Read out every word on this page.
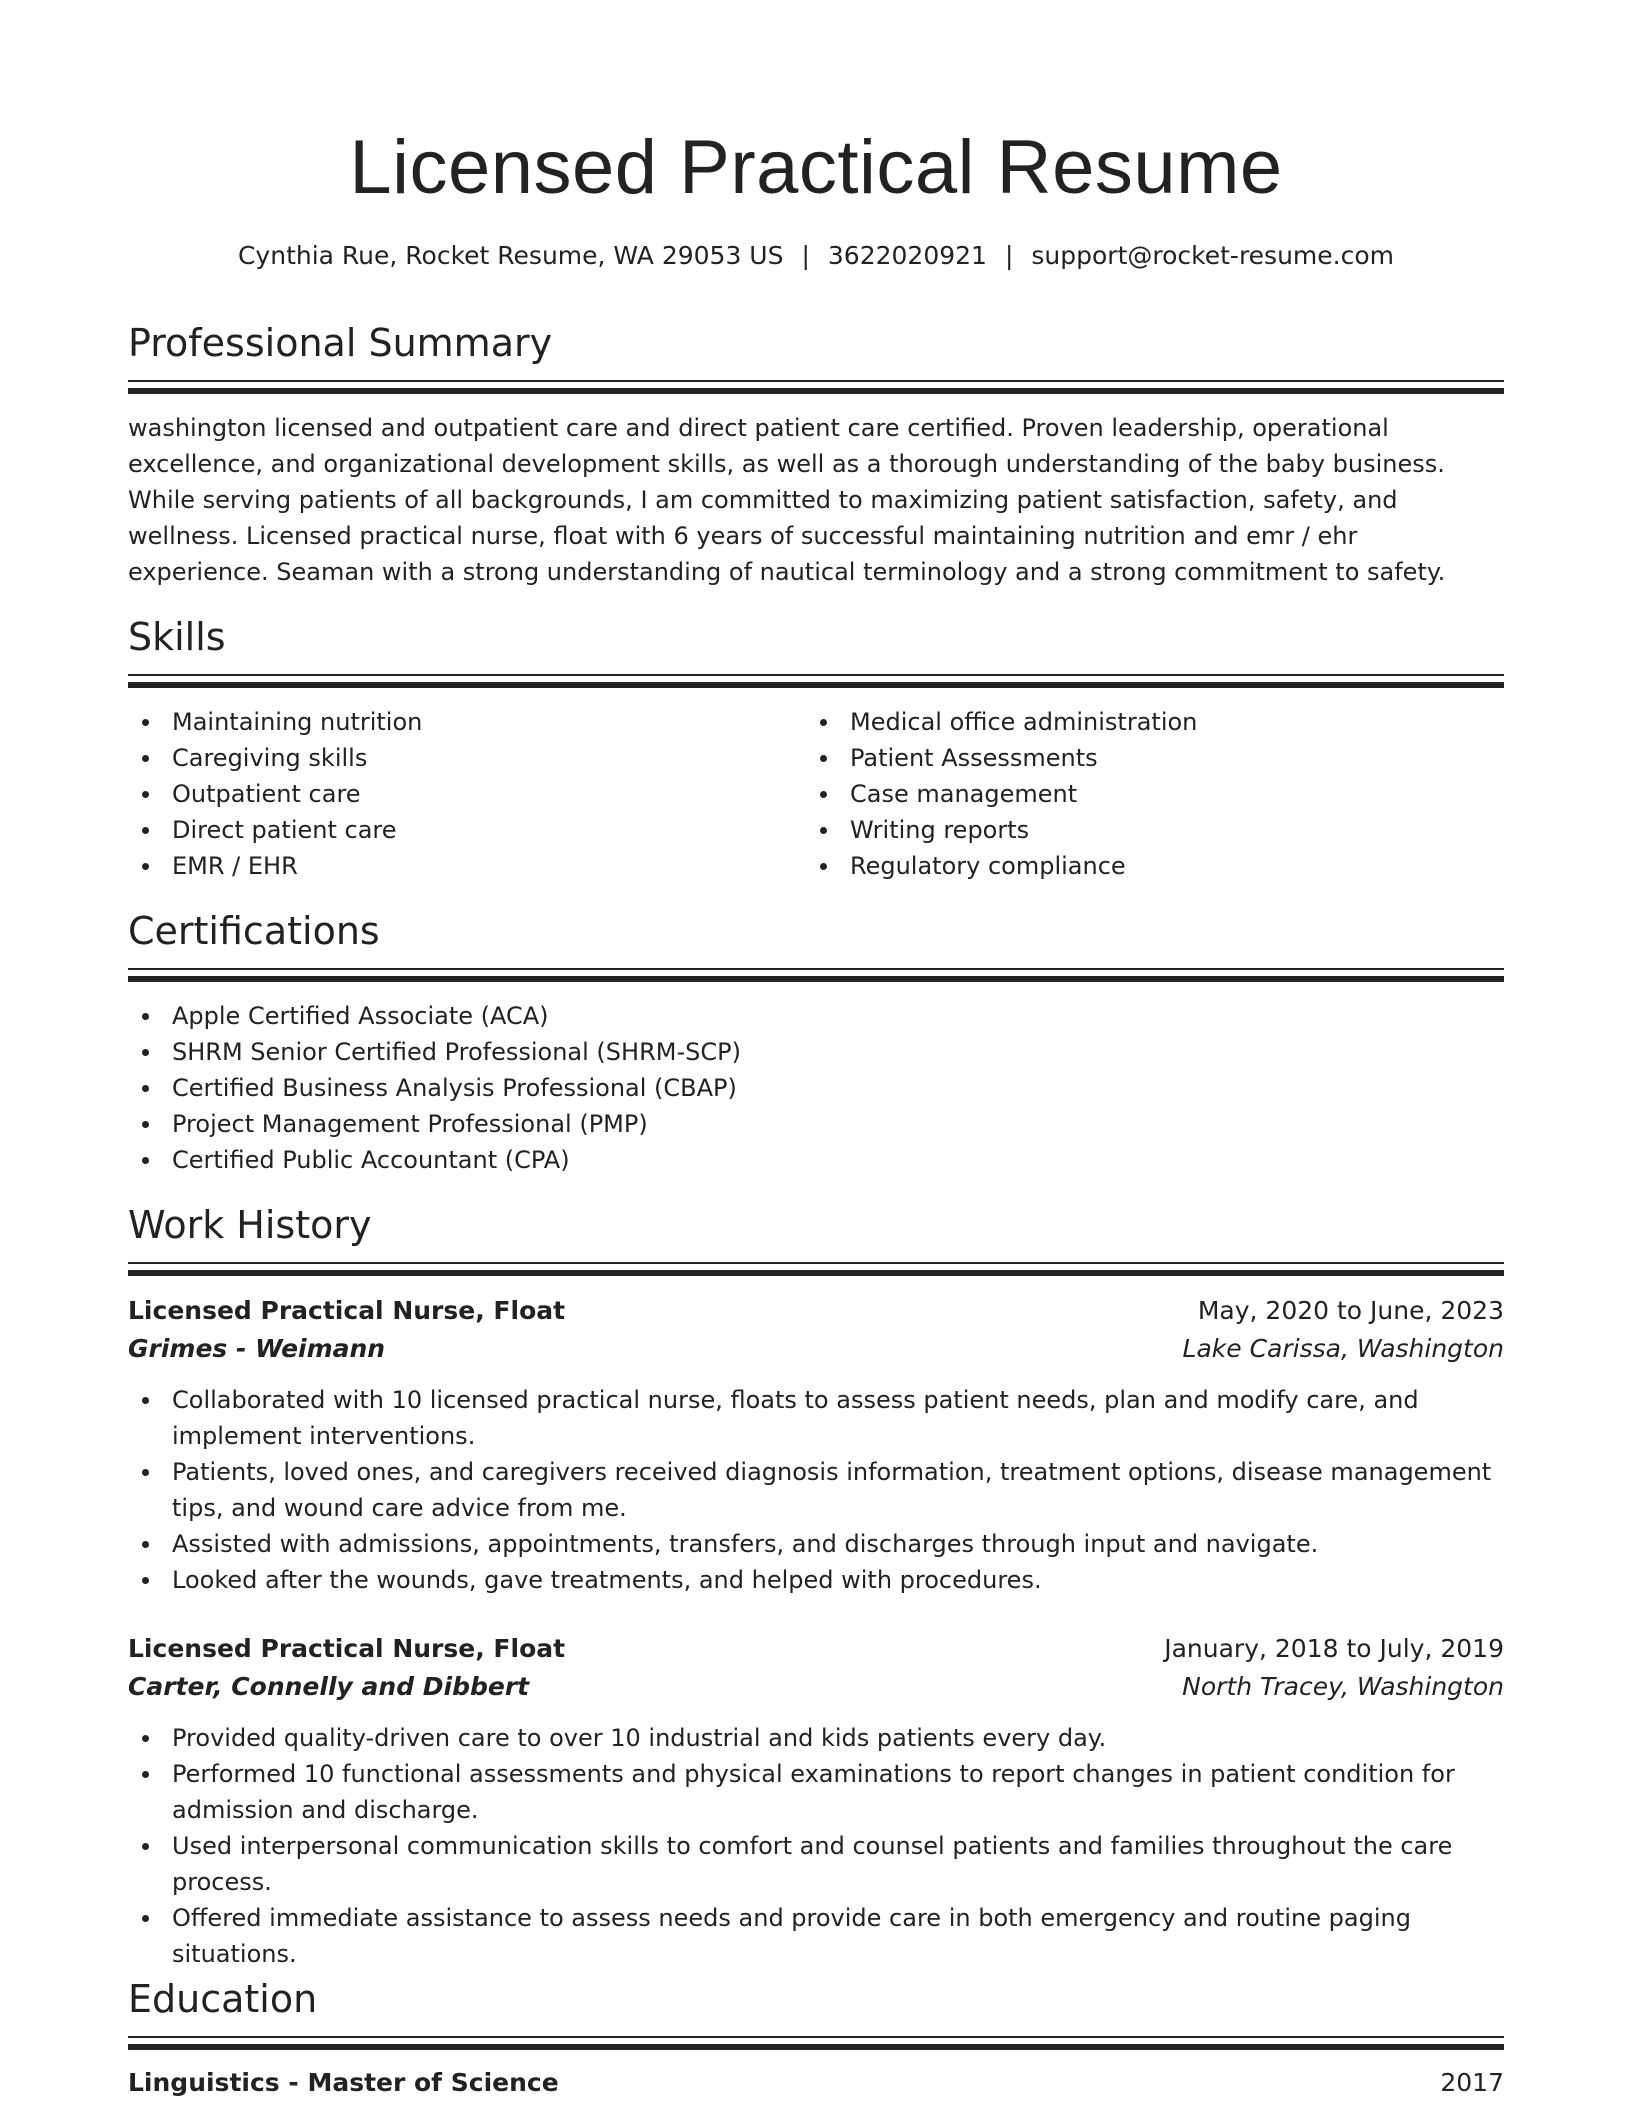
Licensed Practical Resume
Cynthia Rue, Rocket Resume, WA 29053 US | 3622020921 | support@rocket-resume.com
Professional Summary

washington licensed and outpatient care and direct patient care certified. Proven leadership, operational excellence, and organizational development skills, as well as a thorough understanding of the baby business. While serving patients of all backgrounds, I am committed to maximizing patient satisfaction, safety, and wellness. Licensed practical nurse, float with 6 years of successful maintaining nutrition and emr / ehr experience. Seaman with a strong understanding of nautical terminology and a strong commitment to safety.

Skills
Maintaining nutrition
Caregiving skills
Outpatient care
Direct patient care
EMR / EHR
Medical office administration
Patient Assessments
Case management
Writing reports
Regulatory compliance
Certifications
Apple Certified Associate (ACA)
SHRM Senior Certified Professional (SHRM-SCP)
Certified Business Analysis Professional (CBAP)
Project Management Professional (PMP)
Certified Public Accountant (CPA)
Work History
Licensed Practical Nurse, Float	May, 2020 to June, 2023
Grimes - Weimann	Lake Carissa, Washington
Collaborated with 10 licensed practical nurse, floats to assess patient needs, plan and modify care, and implement interventions.
Patients, loved ones, and caregivers received diagnosis information, treatment options, disease management tips, and wound care advice from me.
Assisted with admissions, appointments, transfers, and discharges through input and navigate.
Looked after the wounds, gave treatments, and helped with procedures.
Licensed Practical Nurse, Float	January, 2018 to July, 2019
Carter, Connelly and Dibbert	North Tracey, Washington
Provided quality-driven care to over 10 industrial and kids patients every day.
Performed 10 functional assessments and physical examinations to report changes in patient condition for admission and discharge.
Used interpersonal communication skills to comfort and counsel patients and families throughout the care process.
Offered immediate assistance to assess needs and provide care in both emergency and routine paging situations.
Education
Linguistics - Master of Science	2017
